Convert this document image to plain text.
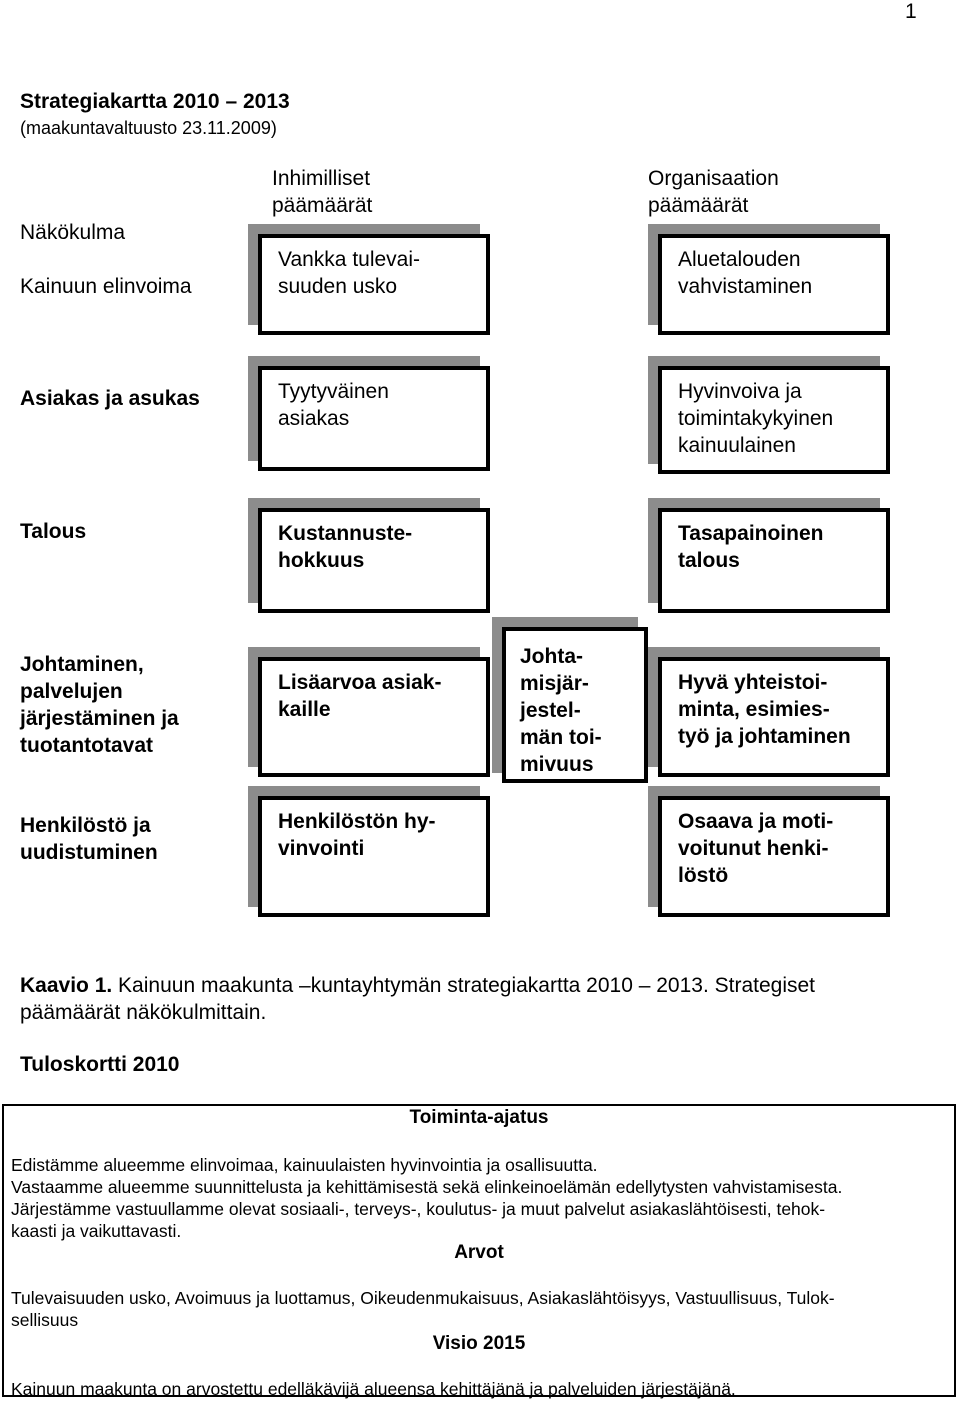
1
Strategiakartta 2010 – 2013
(maakuntavaltuusto 23.11.2009)
Näkökulma
Kainuun elinvoima
Inhimilliset
päämäärät
Organisaation
päämäärät
Vankka tulevai-
suuden usko
Aluetalouden
vahvistaminen
Asiakas ja asukas	Tyytyväinen
asiakas
Hyvinvoiva ja
toimintakykyinen
kainuulainen
Talous	Kustannuste-
hokkuus
Tasapainoinen
talous
Johtaminen,
palvelujen
järjestäminen ja
tuotantotavat
Lisäarvoa asiak-
kaille
Johta-
misjär-
jestel-
män toi-
mivuus
Hyvä yhteistoi-
minta, esimies-
työ ja johtaminen
Henkilöstö ja
uudistuminen
Henkilöstön hy-
vinvointi
Osaava ja moti-
voitunut henki-
löstö
Kaavio 1. Kainuun maakunta –kuntayhtymän strategiakartta 2010 – 2013. Strategiset päämäärät näkökulmittain.
Tuloskortti 2010
Toiminta-ajatus
Edistämme alueemme elinvoimaa, kainuulaisten hyvinvointia ja osallisuutta.
Vastaamme alueemme suunnittelusta ja kehittämisestä sekä elinkeinoelämän edellytysten vahvistamisesta.
Järjestämme vastuullamme olevat sosiaali-, terveys-, koulutus- ja muut palvelut asiakaslähtöisesti, tehok-
kaasti ja vaikuttavasti.
Arvot
Tulevaisuuden usko, Avoimuus ja luottamus, Oikeudenmukaisuus, Asiakaslähtöisyys, Vastuullisuus, Tulok-
sellisuus
Visio 2015
Kainuun maakunta on arvostettu edelläkävijä alueensa kehittäjänä ja palveluiden järjestäjänä.
